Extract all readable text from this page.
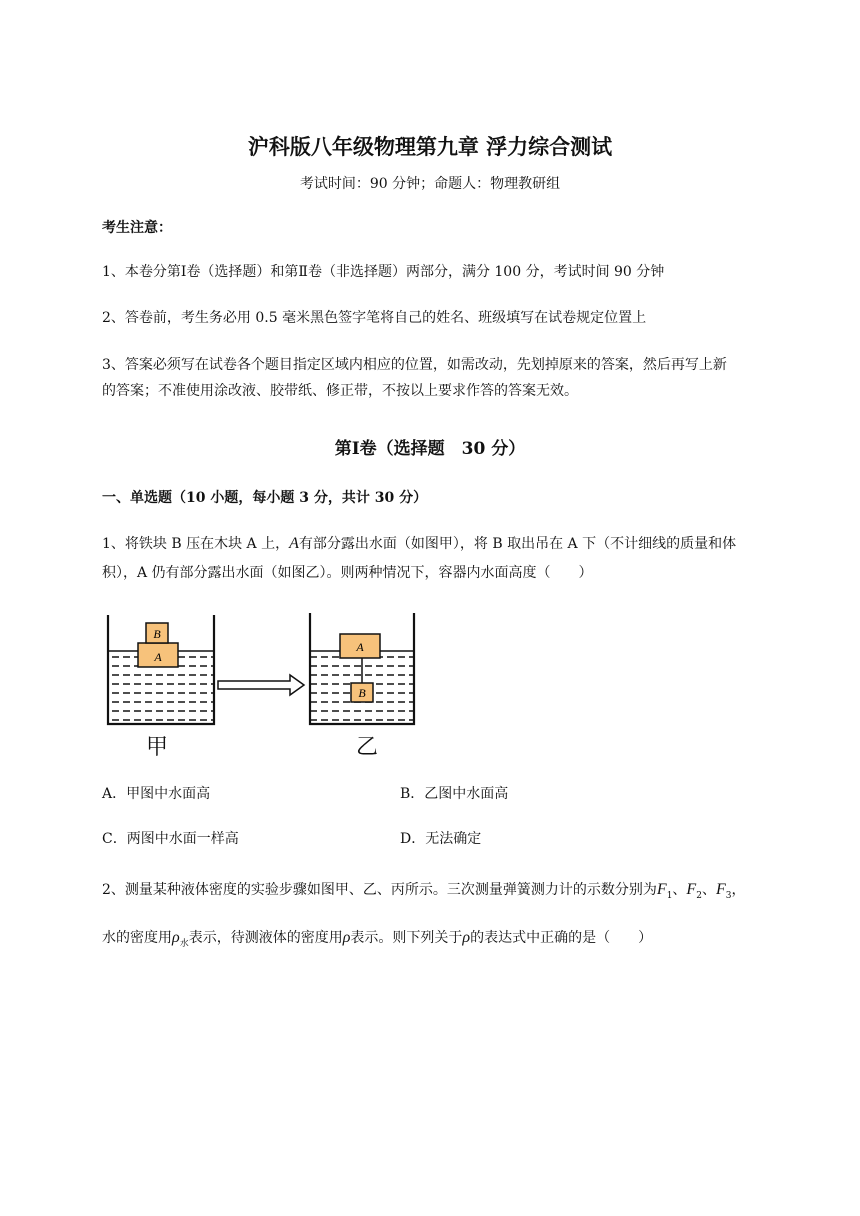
沪科版八年级物理第九章 浮力综合测试
考试时间：90 分钟；命题人：物理教研组
考生注意：
1、本卷分第Ⅰ卷（选择题）和第Ⅱ卷（非选择题）两部分，满分 100 分，考试时间 90 分钟
2、答卷前，考生务必用 0.5 毫米黑色签字笔将自己的姓名、班级填写在试卷规定位置上
3、答案必须写在试卷各个题目指定区域内相应的位置，如需改动，先划掉原来的答案，然后再写上新
的答案；不准使用涂改液、胶带纸、修正带，不按以上要求作答的答案无效。
第Ⅰ卷（选择题　30 分）
一、单选题（10 小题，每小题 3 分，共计 30 分）
1、将铁块 B 压在木块 A 上，A有部分露出水面（如图甲），将 B 取出吊在 A 下（不计细线的质量和体
积），A 仍有部分露出水面（如图乙）。则两种情况下，容器内水面高度（　　）
A
B
A
B
甲	乙
A．甲图中水面高	B．乙图中水面高
C．两图中水面一样高	D．无法确定
2、测量某种液体密度的实验步骤如图甲、乙、丙所示。三次测量弹簧测力计的示数分别为$F_1$、$F_2$、$F_3$，
水的密度用$\rho_水$表示，待测液体的密度用ρ表示。则下列关于ρ的表达式中正确的是（　　）
